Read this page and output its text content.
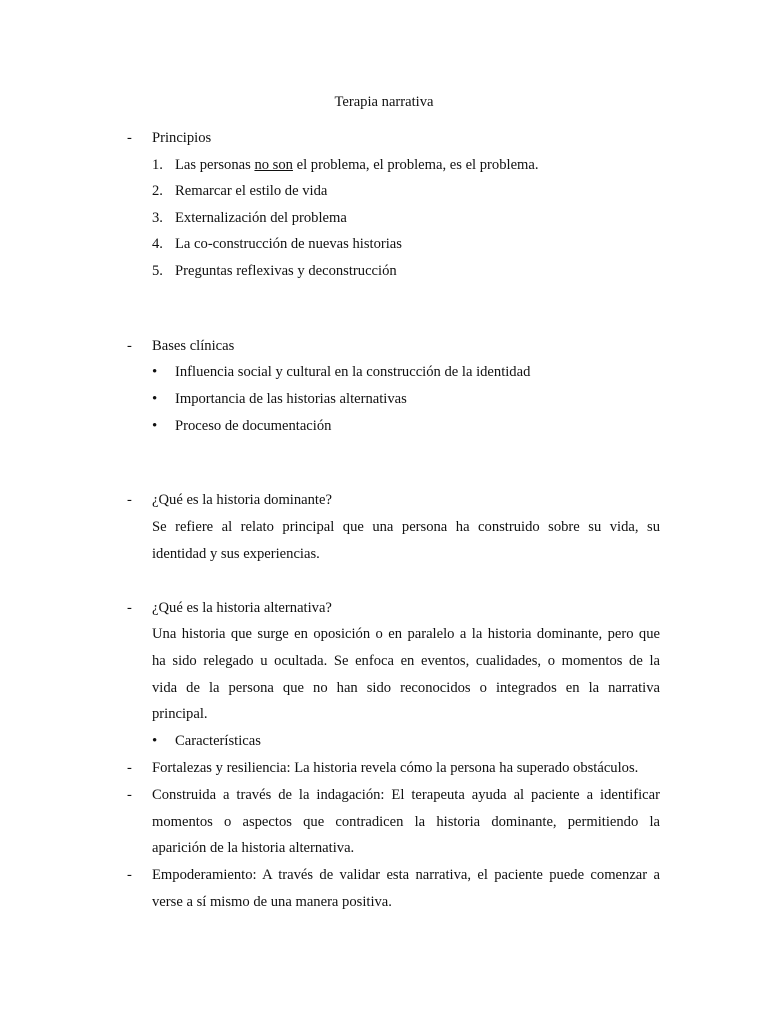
Terapia narrativa
-	Principios
1. Las personas no son el problema, el problema, es el problema.
2. Remarcar el estilo de vida
3. Externalización del problema
4. La co-construcción de nuevas historias
5. Preguntas reflexivas y deconstrucción
-	Bases clínicas
• Influencia social y cultural en la construcción de la identidad
• Importancia de las historias alternativas
• Proceso de documentación
-	¿Qué es la historia dominante?
Se refiere al relato principal que una persona ha construido sobre su vida, su
identidad y sus experiencias.
-	¿Qué es la historia alternativa?
Una historia que surge en oposición o en paralelo a la historia dominante, pero que
ha sido relegado u ocultada. Se enfoca en eventos, cualidades, o momentos de la
vida de la persona que no han sido reconocidos o integrados en la narrativa
principal.
• Características
-	Fortalezas y resiliencia: La historia revela cómo la persona ha superado obstáculos.
-	Construida a través de la indagación: El terapeuta ayuda al paciente a identificar
momentos o aspectos que contradicen la historia dominante, permitiendo la
aparición de la historia alternativa.
-	Empoderamiento: A través de validar esta narrativa, el paciente puede comenzar a
verse a sí mismo de una manera positiva.
